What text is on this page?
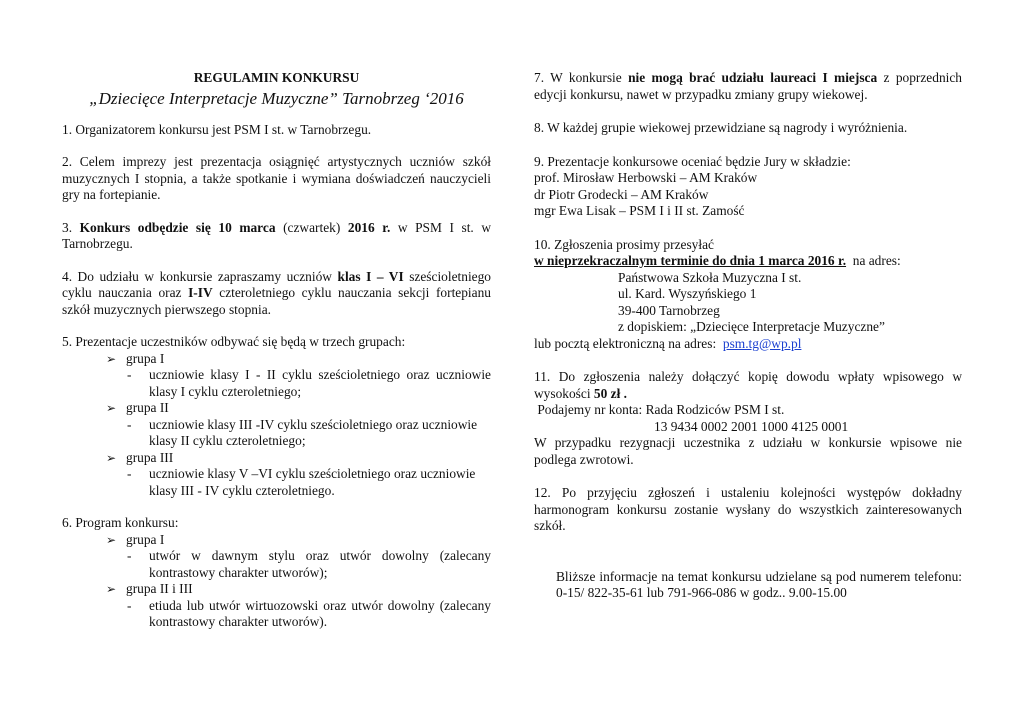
REGULAMIN KONKURSU

„Dziecięce Interpretacje Muzyczne” Tarnobrzeg ‘2016

1. Organizatorem konkursu jest PSM I st. w Tarnobrzegu.

2. Celem imprezy jest prezentacja osiągnięć artystycznych uczniów szkół muzycznych I stopnia, a także spotkanie i wymiana doświadczeń nauczycieli gry na fortepianie.

3. Konkurs odbędzie się 10 marca (czwartek) 2016 r. w PSM I st. w Tarnobrzegu.

4. Do udziału w konkursie zapraszamy uczniów klas I – VI sześcioletniego cyklu nauczania oraz I-IV czteroletniego cyklu nauczania sekcji fortepianu szkół muzycznych pierwszego stopnia.

5. Prezentacje uczestników odbywać się będą w trzech grupach:

➢ grupa I
- uczniowie klasy I - II cyklu sześcioletniego oraz uczniowie klasy I cyklu czteroletniego;
➢ grupa II
- uczniowie klasy III -IV cyklu sześcioletniego oraz uczniowie klasy II cyklu czteroletniego;
➢ grupa III
- uczniowie klasy V –VI cyklu sześcioletniego oraz uczniowie klasy III - IV cyklu czteroletniego.

6. Program konkursu:

➢ grupa I
- utwór w dawnym stylu oraz utwór dowolny (zalecany kontrastowy charakter utworów);
➢ grupa II i III
- etiuda lub utwór wirtuozowski oraz utwór dowolny (zalecany kontrastowy charakter utworów).

7. W konkursie nie mogą brać udziału laureaci I miejsca z poprzednich edycji konkursu, nawet w przypadku zmiany grupy wiekowej.

8. W każdej grupie wiekowej przewidziane są nagrody i wyróżnienia.

9. Prezentacje konkursowe oceniać będzie Jury w składzie:

prof. Mirosław Herbowski – AM Kraków

dr Piotr Grodecki – AM Kraków

mgr Ewa Lisak – PSM I i II st. Zamość

10. Zgłoszenia prosimy przesyłać

w nieprzekraczalnym terminie do dnia 1 marca 2016 r.  na adres:

Państwowa Szkoła Muzyczna I st.

ul. Kard. Wyszyńskiego 1

39-400 Tarnobrzeg

z dopiskiem: „Dziecięce Interpretacje Muzyczne”

lub pocztą elektroniczną na adres:  psm.tg@wp.pl

11. Do zgłoszenia należy dołączyć kopię dowodu wpłaty wpisowego w wysokości 50 zł .

Podajemy nr konta: Rada Rodziców PSM I st.

13 9434 0002 2001 1000 4125 0001

W przypadku rezygnacji uczestnika z udziału w konkursie wpisowe nie podlega zwrotowi.

12. Po przyjęciu zgłoszeń i ustaleniu kolejności występów dokładny harmonogram konkursu zostanie wysłany do wszystkich zainteresowanych szkół.

Bliższe informacje na temat konkursu udzielane są pod numerem telefonu: 0-15/ 822-35-61 lub 791-966-086 w godz.. 9.00-15.00
